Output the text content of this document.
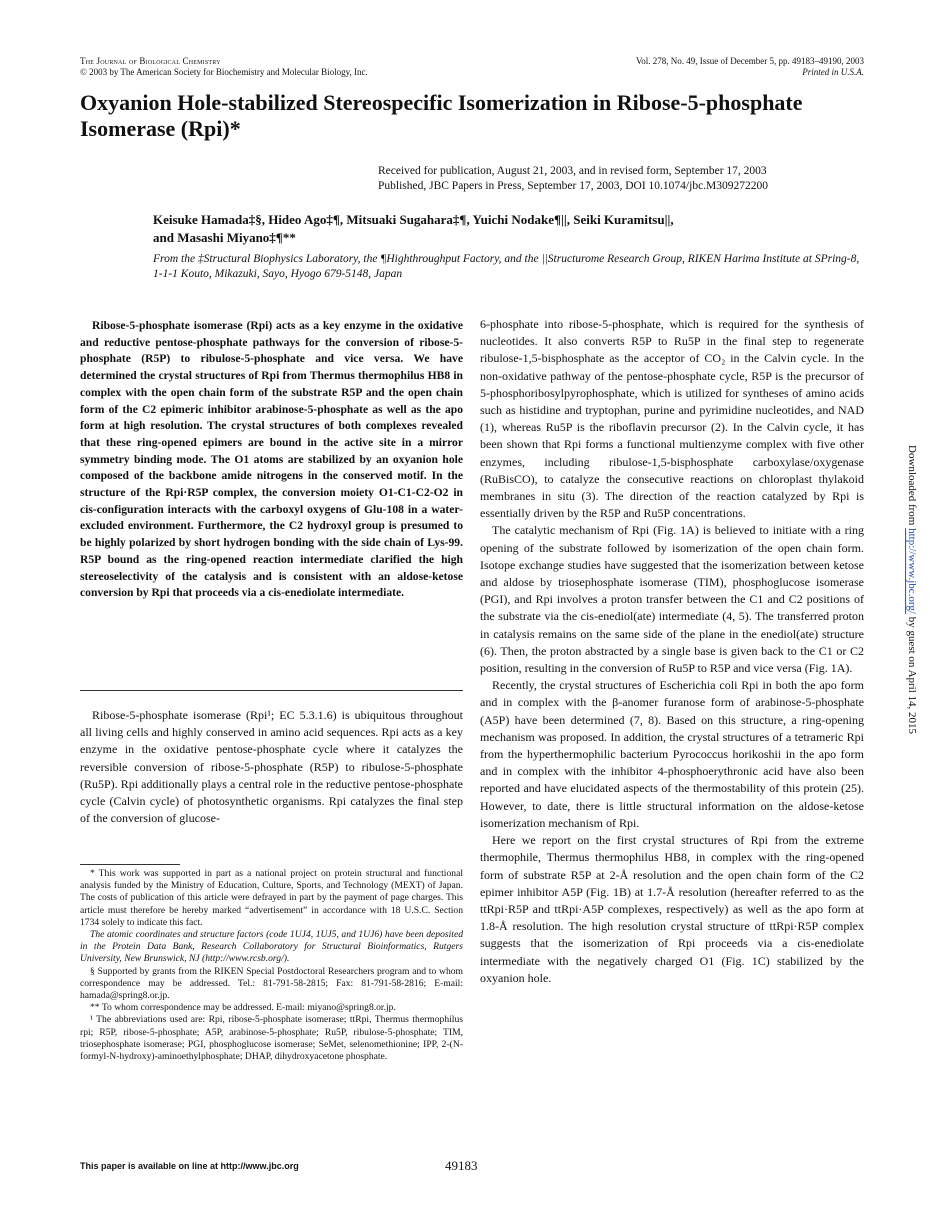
The Journal of Biological Chemistry
© 2003 by The American Society for Biochemistry and Molecular Biology, Inc.
Vol. 278, No. 49, Issue of December 5, pp. 49183–49190, 2003
Printed in U.S.A.
Oxyanion Hole-stabilized Stereospecific Isomerization in Ribose-5-phosphate Isomerase (Rpi)*
Received for publication, August 21, 2003, and in revised form, September 17, 2003
Published, JBC Papers in Press, September 17, 2003, DOI 10.1074/jbc.M309272200
Keisuke Hamada‡§, Hideo Ago‡¶, Mitsuaki Sugahara‡¶, Yuichi Nodake¶||, Seiki Kuramitsu||,
and Masashi Miyano‡¶**
From the ‡Structural Biophysics Laboratory, the ¶Highthroughput Factory, and the ||Structurome Research Group, RIKEN Harima Institute at SPring-8, 1-1-1 Kouto, Mikazuki, Sayo, Hyogo 679-5148, Japan

Ribose-5-phosphate isomerase (Rpi) acts as a key enzyme in the oxidative and reductive pentose-phosphate pathways for the conversion of ribose-5-phosphate (R5P) to ribulose-5-phosphate and vice versa. We have determined the crystal structures of Rpi from Thermus thermophilus HB8 in complex with the open chain form of the substrate R5P and the open chain form of the C2 epimeric inhibitor arabinose-5-phosphate as well as the apo form at high resolution. The crystal structures of both complexes revealed that these ring-opened epimers are bound in the active site in a mirror symmetry binding mode. The O1 atoms are stabilized by an oxyanion hole composed of the backbone amide nitrogens in the conserved motif. In the structure of the Rpi·R5P complex, the conversion moiety O1-C1-C2-O2 in cis-configuration interacts with the carboxyl oxygens of Glu-108 in a water-excluded environment. Furthermore, the C2 hydroxyl group is presumed to be highly polarized by short hydrogen bonding with the side chain of Lys-99. R5P bound as the ring-opened reaction intermediate clarified the high stereoselectivity of the catalysis and is consistent with an aldose-ketose conversion by Rpi that proceeds via a cis-enediolate intermediate.

Ribose-5-phosphate isomerase (Rpi¹; EC 5.3.1.6) is ubiquitous throughout all living cells and highly conserved in amino acid sequences. Rpi acts as a key enzyme in the oxidative pentose-phosphate cycle where it catalyzes the reversible conversion of ribose-5-phosphate (R5P) to ribulose-5-phosphate (Ru5P). Rpi additionally plays a central role in the reductive pentose-phosphate cycle (Calvin cycle) of photosynthetic organisms. Rpi catalyzes the final step of the conversion of glucose-

* This work was supported in part as a national project on protein structural and functional analysis funded by the Ministry of Education, Culture, Sports, and Technology (MEXT) of Japan. The costs of publication of this article were defrayed in part by the payment of page charges. This article must therefore be hereby marked “advertisement” in accordance with 18 U.S.C. Section 1734 solely to indicate this fact.

The atomic coordinates and structure factors (code 1UJ4, 1UJ5, and 1UJ6) have been deposited in the Protein Data Bank, Research Collaboratory for Structural Bioinformatics, Rutgers University, New Brunswick, NJ (http://www.rcsb.org/).

§ Supported by grants from the RIKEN Special Postdoctoral Researchers program and to whom correspondence may be addressed. Tel.: 81-791-58-2815; Fax: 81-791-58-2816; E-mail: hamada@spring8.or.jp.

** To whom correspondence may be addressed. E-mail: miyano@spring8.or.jp.

¹ The abbreviations used are: Rpi, ribose-5-phosphate isomerase; ttRpi, Thermus thermophilus rpi; R5P, ribose-5-phosphate; A5P, arabinose-5-phosphate; Ru5P, ribulose-5-phosphate; TIM, triosephosphate isomerase; PGI, phosphoglucose isomerase; SeMet, selenomethionine; IPP, 2-(N-formyl-N-hydroxy)-aminoethylphosphate; DHAP, dihydroxyacetone phosphate.

6-phosphate into ribose-5-phosphate, which is required for the synthesis of nucleotides. It also converts R5P to Ru5P in the final step to regenerate ribulose-1,5-bisphosphate as the acceptor of CO₂ in the Calvin cycle. In the non-oxidative pathway of the pentose-phosphate cycle, R5P is the precursor of 5-phosphoribosylpyrophosphate, which is utilized for syntheses of amino acids such as histidine and tryptophan, purine and pyrimidine nucleotides, and NAD (1), whereas Ru5P is the riboflavin precursor (2). In the Calvin cycle, it has been shown that Rpi forms a functional multienzyme complex with five other enzymes, including ribulose-1,5-bisphosphate carboxylase/oxygenase (RuBisCO), to catalyze the consecutive reactions on chloroplast thylakoid membranes in situ (3). The direction of the reaction catalyzed by Rpi is essentially driven by the R5P and Ru5P concentrations.

The catalytic mechanism of Rpi (Fig. 1A) is believed to initiate with a ring opening of the substrate followed by isomerization of the open chain form. Isotope exchange studies have suggested that the isomerization between ketose and aldose by triosephosphate isomerase (TIM), phosphoglucose isomerase (PGI), and Rpi involves a proton transfer between the C1 and C2 positions of the substrate via the cis-enediol(ate) intermediate (4, 5). The transferred proton in catalysis remains on the same side of the plane in the enediol(ate) structure (6). Then, the proton abstracted by a single base is given back to the C1 or C2 position, resulting in the conversion of Ru5P to R5P and vice versa (Fig. 1A).

Recently, the crystal structures of Escherichia coli Rpi in both the apo form and in complex with the β-anomer furanose form of arabinose-5-phosphate (A5P) have been determined (7, 8). Based on this structure, a ring-opening mechanism was proposed. In addition, the crystal structures of a tetrameric Rpi from the hyperthermophilic bacterium Pyrococcus horikoshii in the apo form and in complex with the inhibitor 4-phosphoerythronic acid have also been reported and have elucidated aspects of the thermostability of this protein (25). However, to date, there is little structural information on the aldose-ketose isomerization mechanism of Rpi.

Here we report on the first crystal structures of Rpi from the extreme thermophile, Thermus thermophilus HB8, in complex with the ring-opened form of substrate R5P at 2-Å resolution and the open chain form of the C2 epimer inhibitor A5P (Fig. 1B) at 1.7-Å resolution (hereafter referred to as the ttRpi·R5P and ttRpi·A5P complexes, respectively) as well as the apo form at 1.8-Å resolution. The high resolution crystal structure of ttRpi·R5P complex suggests that the isomerization of Rpi proceeds via a cis-enediolate intermediate with the negatively charged O1 (Fig. 1C) stabilized by the oxyanion hole.

Downloaded from http://www.jbc.org/ by guest on April 14, 2015
This paper is available on line at http://www.jbc.org	49183
